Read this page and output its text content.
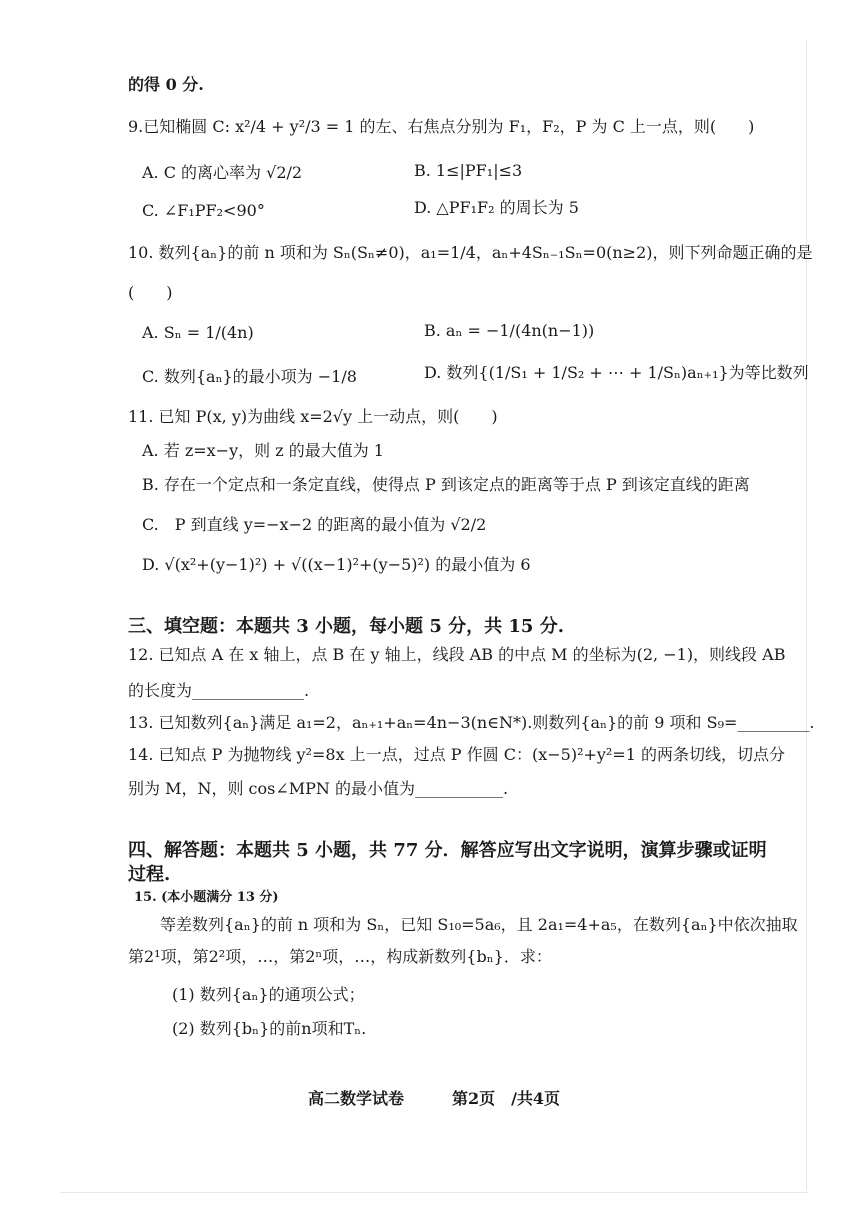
的得 0 分.
9.已知椭圆 C: x²/4 + y²/3 = 1 的左、右焦点分别为 F₁，F₂，P 为 C 上一点，则(　　)
A. C 的离心率为 √2/2	B. 1≤|PF₁|≤3
C. ∠F₁PF₂<90°	D. △PF₁F₂ 的周长为 5
10. 数列{aₙ}的前 n 项和为 Sₙ(Sₙ≠0)，a₁=1/4，aₙ+4Sₙ₋₁Sₙ=0(n≥2)，则下列命题正确的是
(　　)
A. Sₙ = 1/(4n)	B. aₙ = −1/(4n(n−1))
C. 数列{aₙ}的最小项为 −1/8	D. 数列{(1/S₁ + 1/S₂ + ⋯ + 1/Sₙ)aₙ₊₁}为等比数列
11. 已知 P(x, y)为曲线 x=2√y 上一动点，则(　　)
A. 若 z=x−y，则 z 的最大值为 1
B. 存在一个定点和一条定直线，使得点 P 到该定点的距离等于点 P 到该定直线的距离
C.　P 到直线 y=−x−2 的距离的最小值为 √2/2
D. √(x²+(y−1)²) + √((x−1)²+(y−5)²) 的最小值为 6
三、填空题：本题共 3 小题，每小题 5 分，共 15 分.
12. 已知点 A 在 x 轴上，点 B 在 y 轴上，线段 AB 的中点 M 的坐标为(2, −1)，则线段 AB
的长度为______________.
13. 已知数列{aₙ}满足 a₁=2，aₙ₊₁+aₙ=4n−3(n∈N*).则数列{aₙ}的前 9 项和 S₉=_________.
14. 已知点 P 为抛物线 y²=8x 上一点，过点 P 作圆 C：(x−5)²+y²=1 的两条切线，切点分
别为 M，N，则 cos∠MPN 的最小值为___________.
四、解答题：本题共 5 小题，共 77 分．解答应写出文字说明，演算步骤或证明
过程.
15. (本小题满分 13 分)
等差数列{aₙ}的前 n 项和为 Sₙ，已知 S₁₀=5a₆，且 2a₁=4+a₅，在数列{aₙ}中依次抽取
第2¹项，第2²项，…，第2ⁿ项，…，构成新数列{bₙ}．求：
(1) 数列{aₙ}的通项公式；
(2) 数列{bₙ}的前n项和Tₙ.
高二数学试卷　　　第2页　/共4页
